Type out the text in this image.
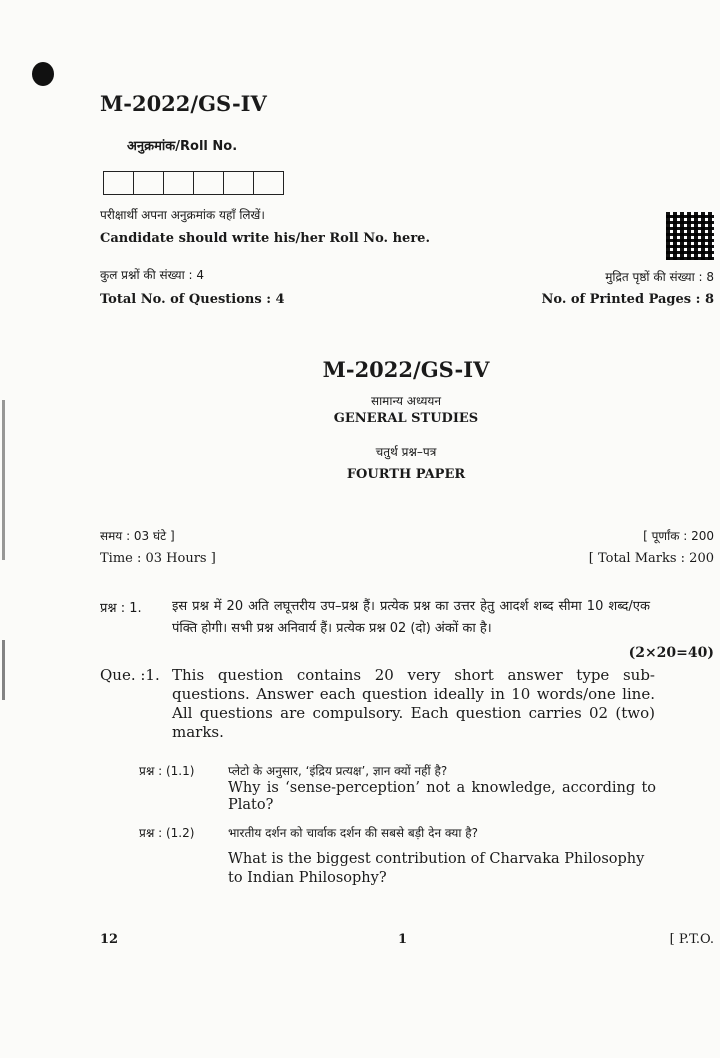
M-2022/GS-IV
अनुक्रमांक/Roll No.
परीक्षार्थी अपना अनुक्रमांक यहाँ लिखें।
Candidate should write his/her Roll No. here.
कुल प्रश्नों की संख्या : 4
Total No. of Questions : 4
मुद्रित पृष्ठों की संख्या : 8
No. of Printed Pages : 8
M-2022/GS-IV
सामान्य अध्ययन
GENERAL STUDIES
चतुर्थ प्रश्न–पत्र
FOURTH PAPER
समय : 03 घंटे ]
Time : 03 Hours ]
[ पूर्णांक : 200
[ Total Marks : 200
प्रश्न : 1. इस प्रश्न में 20 अति लघूत्तरीय उप–प्रश्न हैं। प्रत्येक प्रश्न का उत्तर हेतु आदर्श शब्द सीमा 10 शब्द/एक पंक्ति होगी। सभी प्रश्न अनिवार्य हैं। प्रत्येक प्रश्न 02 (दो) अंकों का है।
(2×20=40)
Que. :1. This question contains 20 very short answer type sub-questions. Answer each question ideally in 10 words/one line. All questions are compulsory. Each question carries 02 (two) marks.
प्रश्न : (1.1)	प्लेटो के अनुसार, ‘इंद्रिय प्रत्यक्ष’, ज्ञान क्यों नहीं है?
Why is ‘sense-perception’ not a knowledge, according to Plato?
प्रश्न : (1.2)	भारतीय दर्शन को चार्वाक दर्शन की सबसे बड़ी देन क्या है?
What is the biggest contribution of Charvaka Philosophy to Indian Philosophy?
12	1	[ P.T.O.
